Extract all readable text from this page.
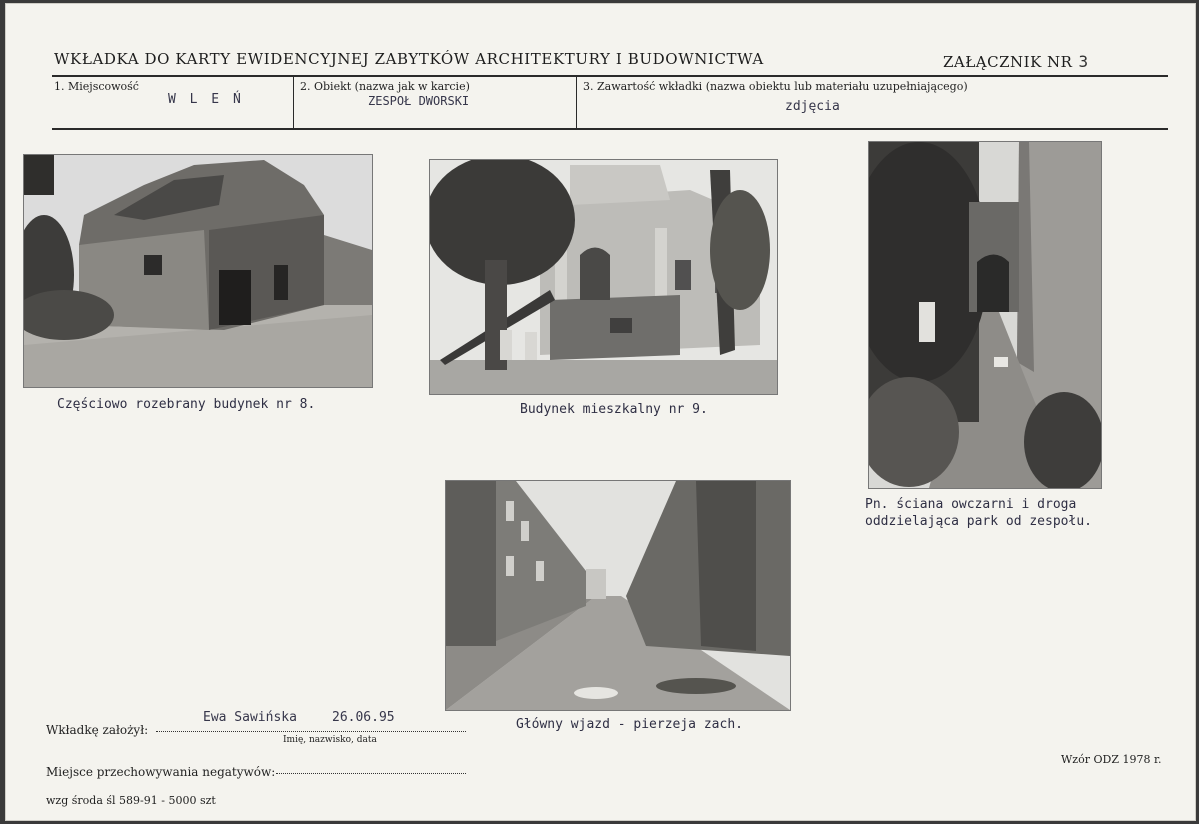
WKŁADKA DO KARTY EWIDENCYJNEJ ZABYTKÓW ARCHITEKTURY I BUDOWNICTWA	ZAŁĄCZNIK NR 3
1. Miejscowość
W L E Ń
2. Obiekt (nazwa jak w karcie)
ZESPOŁ DWORSKI
3. Zawartość wkładki (nazwa obiektu lub materiału uzupełniającego)
zdjęcia
Częściowo rozebrany budynek nr 8.	Budynek mieszkalny nr 9.
Pn. ściana owczarni i droga
oddzielająca park od zespołu.
Główny wjazd - pierzeja zach.
Ewa Sawińska	26.06.95
Wkładkę założył:
Imię, nazwisko, data
Miejsce przechowywania negatywów:
wzg środa śl 589-91 - 5000 szt
Wzór ODZ 1978 r.
